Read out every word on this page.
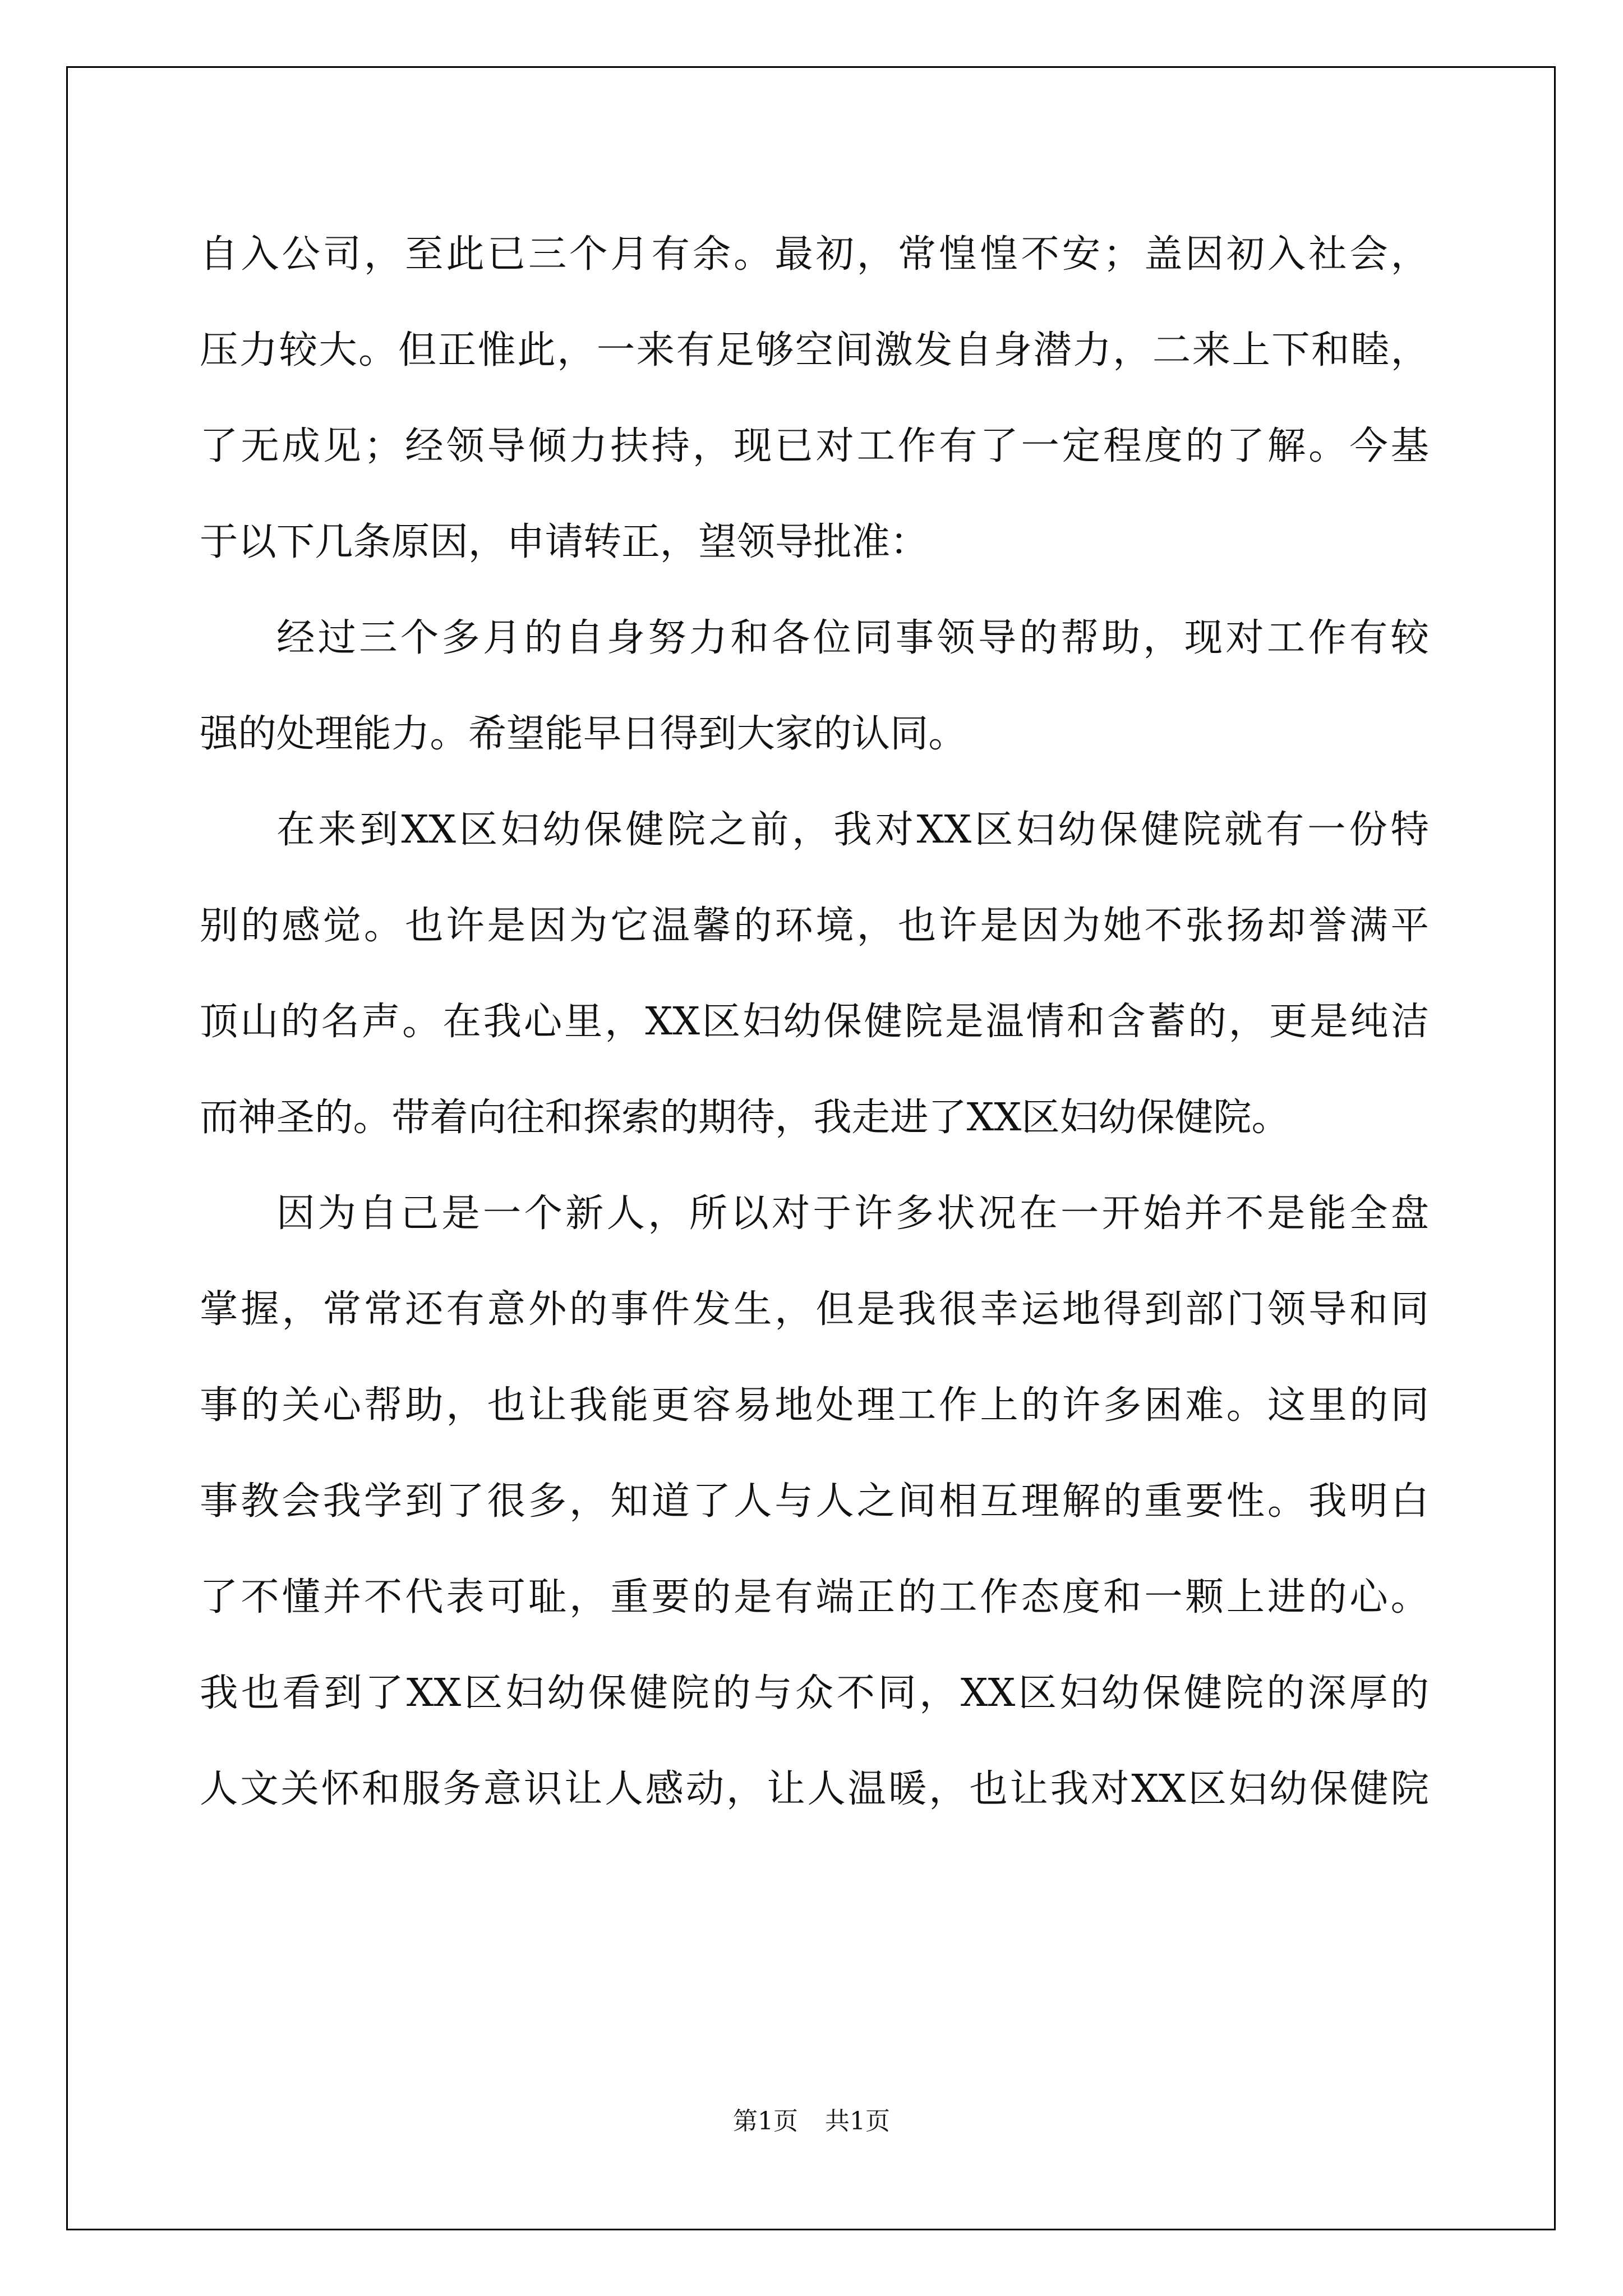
自入公司，至此已三个月有余。最初，常惶惶不安；盖因初入社会，
压力较大。但正惟此，一来有足够空间激发自身潜力，二来上下和睦，
了无成见；经领导倾力扶持，现已对工作有了一定程度的了解。今基
于以下几条原因，申请转正，望领导批准：
经过三个多月的自身努力和各位同事领导的帮助，现对工作有较
强的处理能力。希望能早日得到大家的认同。
在来到XX区妇幼保健院之前，我对XX区妇幼保健院就有一份特
别的感觉。也许是因为它温馨的环境，也许是因为她不张扬却誉满平
顶山的名声。在我心里，XX区妇幼保健院是温情和含蓄的，更是纯洁
而神圣的。带着向往和探索的期待，我走进了XX区妇幼保健院。
因为自己是一个新人，所以对于许多状况在一开始并不是能全盘
掌握，常常还有意外的事件发生，但是我很幸运地得到部门领导和同
事的关心帮助，也让我能更容易地处理工作上的许多困难。这里的同
事教会我学到了很多，知道了人与人之间相互理解的重要性。我明白
了不懂并不代表可耻，重要的是有端正的工作态度和一颗上进的心。
我也看到了XX区妇幼保健院的与众不同，XX区妇幼保健院的深厚的
人文关怀和服务意识让人感动，让人温暖，也让我对XX区妇幼保健院
第1页 共1页
